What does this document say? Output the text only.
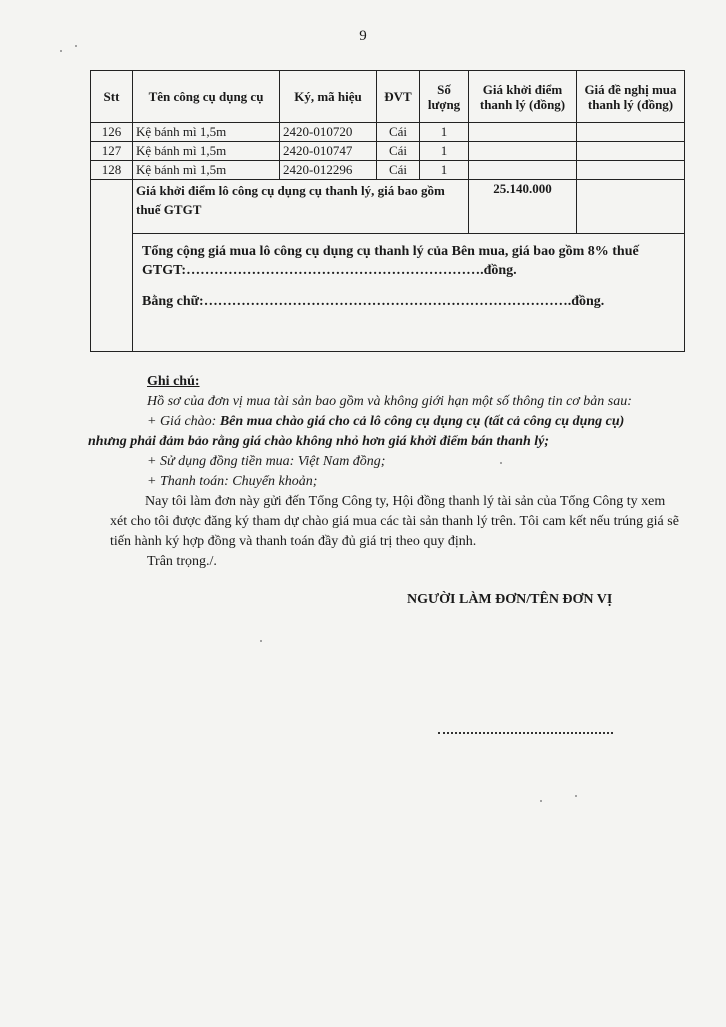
9
Stt	Tên công cụ dụng cụ	Ký, mã hiệu	ĐVT	Số lượng	Giá khởi điểm thanh lý (đồng)	Giá đề nghị mua thanh lý (đồng)
126	Kệ bánh mì 1,5m	2420-010720	Cái	1		
127	Kệ bánh mì 1,5m	2420-010747	Cái	1		
128	Kệ bánh mì 1,5m	2420-012296	Cái	1		
	Giá khởi điểm lô công cụ dụng cụ thanh lý, giá bao gồm thuế GTGT				25.140.000	

	Tổng cộng giá mua lô công cụ dụng cụ thanh lý của Bên mua, giá bao gồm 8% thuế GTGT:……………………………………………………….đồng.
Bằng chữ:…………………………………………………………………….đồng.					
Ghi chú:
Hồ sơ của đơn vị mua tài sản bao gồm và không giới hạn một số thông tin cơ bản sau:
+ Giá chào: Bên mua chào giá cho cả lô công cụ dụng cụ (tất cả công cụ dụng cụ)
nhưng phải đảm bảo rằng giá chào không nhỏ hơn giá khởi điểm bán thanh lý;
+ Sử dụng đồng tiền mua: Việt Nam đồng;
+ Thanh toán: Chuyển khoản;
Nay tôi làm đơn này gửi đến Tổng Công ty, Hội đồng thanh lý tài sản của Tổng Công ty xem xét cho tôi được đăng ký tham dự chào giá mua các tài sản thanh lý trên. Tôi cam kết nếu trúng giá sẽ tiến hành ký hợp đồng và thanh toán đầy đủ giá trị theo quy định.
Trân trọng./.
NGƯỜI LÀM ĐƠN/TÊN ĐƠN VỊ
